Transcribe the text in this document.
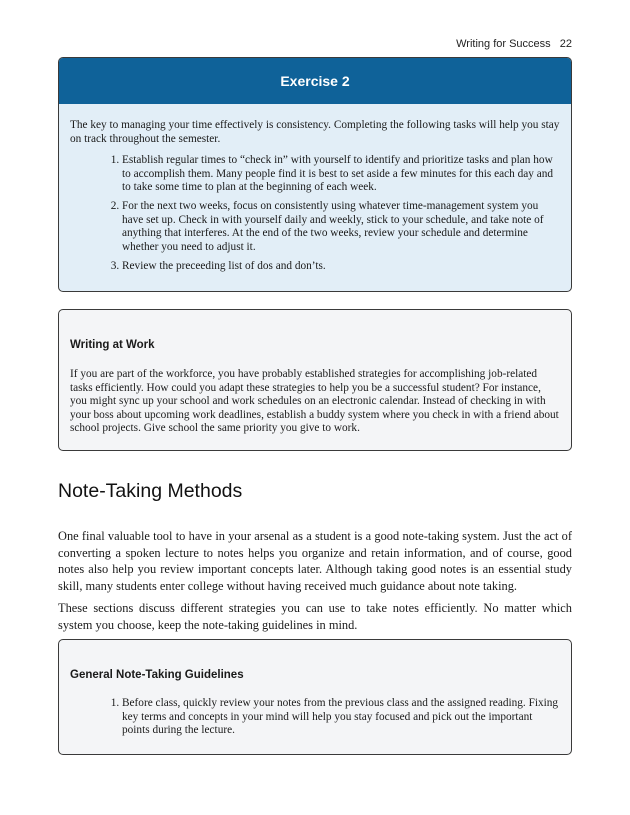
Writing for Success 22
Exercise 2

The key to managing your time effectively is consistency. Completing the following tasks will help you stay on track throughout the semester.

1. Establish regular times to “check in” with yourself to identify and prioritize tasks and plan how to accomplish them. Many people find it is best to set aside a few minutes for this each day and to take some time to plan at the beginning of each week.
2. For the next two weeks, focus on consistently using whatever time-management system you have set up. Check in with yourself daily and weekly, stick to your schedule, and take note of anything that interferes. At the end of the two weeks, review your schedule and determine whether you need to adjust it.
3. Review the preceeding list of dos and don’ts.
Writing at Work

If you are part of the workforce, you have probably established strategies for accomplishing job-related tasks efficiently. How could you adapt these strategies to help you be a successful student? For instance, you might sync up your school and work schedules on an electronic calendar. Instead of checking in with your boss about upcoming work deadlines, establish a buddy system where you check in with a friend about school projects. Give school the same priority you give to work.

Note-Taking Methods

One final valuable tool to have in your arsenal as a student is a good note-taking system. Just the act of converting a spoken lecture to notes helps you organize and retain information, and of course, good notes also help you review important concepts later. Although taking good notes is an essential study skill, many students enter college without having received much guidance about note taking.

These sections discuss different strategies you can use to take notes efficiently. No matter which system you choose, keep the note-taking guidelines in mind.

General Note-Taking Guidelines
1. Before class, quickly review your notes from the previous class and the assigned reading. Fixing key terms and concepts in your mind will help you stay focused and pick out the important points during the lecture.
